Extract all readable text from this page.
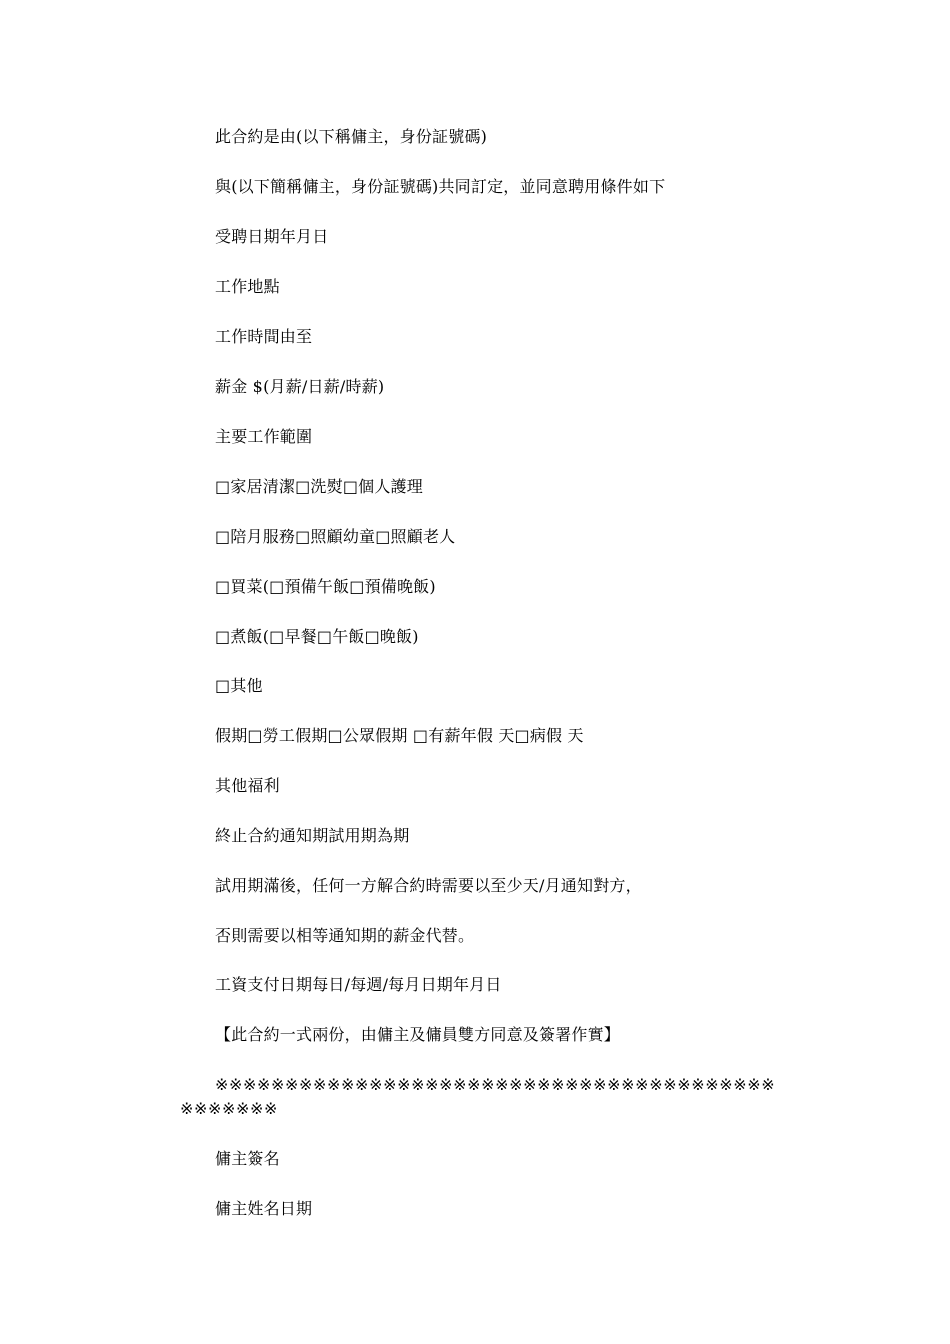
此合約是由(以下稱傭主，身份証號碼)
與(以下簡稱傭主，身份証號碼)共同訂定，並同意聘用條件如下
受聘日期年月日
工作地點
工作時間由至
薪金 $(月薪/日薪/時薪)
主要工作範圍
□家居清潔□洗熨□個人護理
□陪月服務□照顧幼童□照顧老人
□買菜(□預備午飯□預備晚飯)
□煮飯(□早餐□午飯□晚飯)
□其他
假期□勞工假期□公眾假期 □有薪年假 天□病假 天
其他福利
終止合約通知期試用期為期
試用期滿後，任何一方解合約時需要以至少天/月通知對方，
否則需要以相等通知期的薪金代替。
工資支付日期每日/每週/每月日期年月日
【此合約一式兩份，由傭主及傭員雙方同意及簽署作實】
※※※※※※※※※※※※※※※※※※※※※※※※※※※※※※※※※※※※※※※※※※※※※※※
傭主簽名
傭主姓名日期
